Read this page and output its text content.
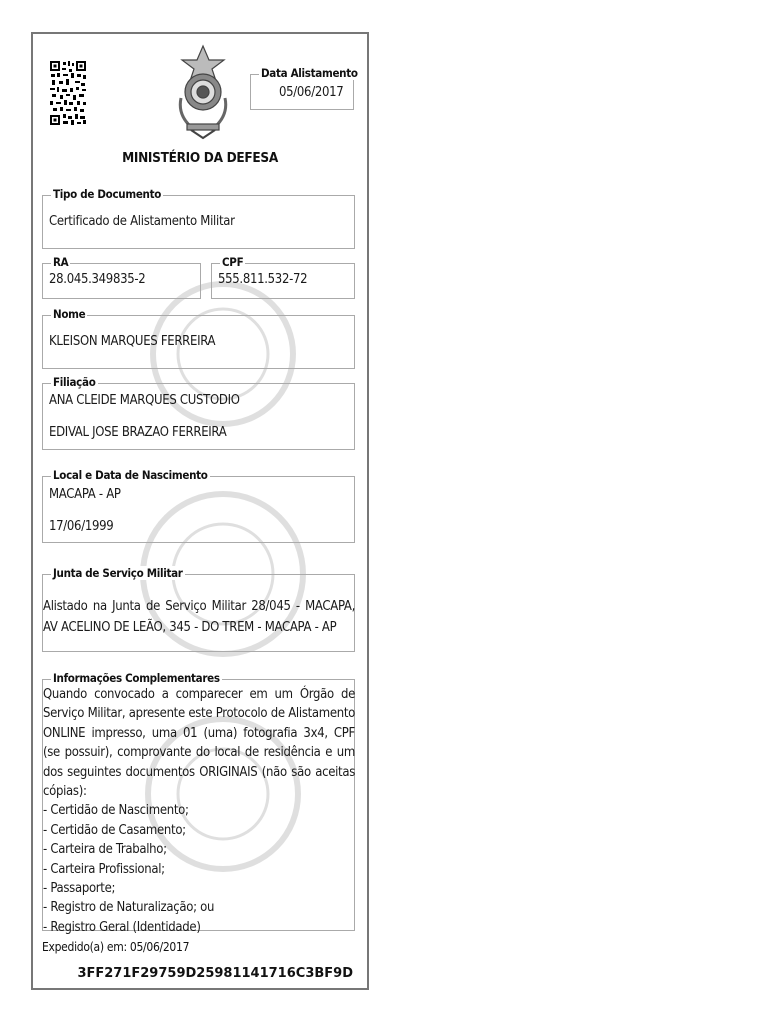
Data Alistamento
05/06/2017
MINISTÉRIO DA DEFESA
Tipo de Documento
Certificado de Alistamento Militar
RA
28.045.349835-2
CPF
555.811.532-72
Nome
KLEISON MARQUES FERREIRA
Filiação
ANA CLEIDE MARQUES CUSTODIO
EDIVAL JOSE BRAZAO FERREIRA
Local e Data de Nascimento
MACAPA - AP
17/06/1999
Junta de Serviço Militar
Alistado na Junta de Serviço Militar 28/045 - MACAPA, AV ACELINO DE LEÃO, 345 - DO TREM - MACAPA - AP
Informações Complementares

Quando convocado a comparecer em um Órgão de Serviço Militar, apresente este Protocolo de Alistamento ONLINE impresso, uma 01 (uma) fotografia 3x4, CPF (se possuir), comprovante do local de residência e um dos seguintes documentos ORIGINAIS (não são aceitas cópias):

- Certidão de Nascimento;

- Certidão de Casamento;

- Carteira de Trabalho;

- Carteira Profissional;

- Passaporte;

- Registro de Naturalização; ou

- Registro Geral (Identidade)

Expedido(a) em: 05/06/2017
3FF271F29759D25981141716C3BF9D
